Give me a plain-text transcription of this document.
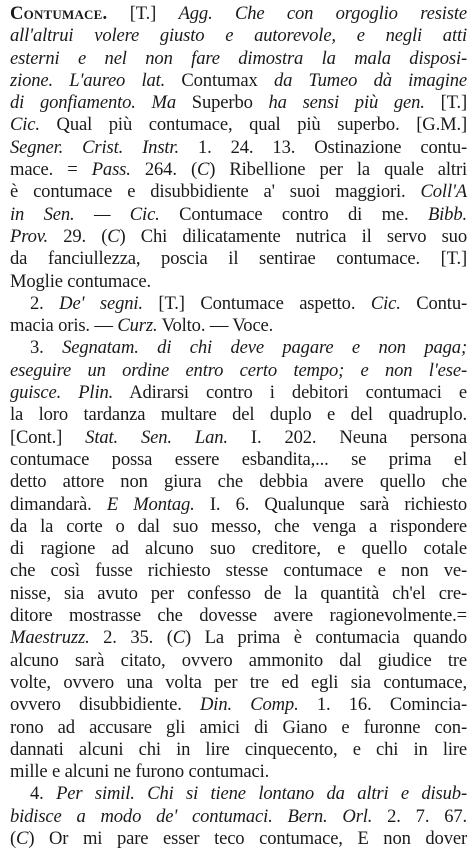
Contumace. [T.] Agg. Che con orgoglio resiste
all'altrui volere giusto e autorevole, e negli atti
esterni e nel non fare dimostra la mala disposi-
zione. L'aureo lat. Contumax da Tumeo dà imagine
di gonfiamento. Ma Superbo ha sensi più gen. [T.]
Cic. Qual più contumace, qual più superbo. [G.M.]
Segner. Crist. Instr. 1. 24. 13. Ostinazione contu-
mace. = Pass. 264. (C) Ribellione per la quale altri
è contumace e disubbidiente a' suoi maggiori. Coll'A
in Sen. — Cic. Contumace contro di me. Bibb.
Prov. 29. (C) Chi dilicatamente nutrica il servo suo
da fanciullezza, poscia il sentirae contumace. [T.]
Moglie contumace.
2. De' segni. [T.] Contumace aspetto. Cic. Contu-
macia oris. — Curz. Volto. — Voce.
3. Segnatam. di chi deve pagare e non paga;
eseguire un ordine entro certo tempo; e non l'ese-
guisce. Plin. Adirarsi contro i debitori contumaci e
la loro tardanza multare del duplo e del quadruplo.
[Cont.] Stat. Sen. Lan. I. 202. Neuna persona
contumace possa essere esbandita,... se prima el
detto attore non giura che debbia avere quello che
dimandarà. E Montag. I. 6. Qualunque sarà richiesto
da la corte o dal suo messo, che venga a rispondere
di ragione ad alcuno suo creditore, e quello cotale
che così fusse richiesto stesse contumace e non ve-
nisse, sia avuto per confesso de la quantità ch'el cre-
ditore mostrasse che dovesse avere ragionevolmente.=
Maestruzz. 2. 35. (C) La prima è contumacia quando
alcuno sarà citato, ovvero ammonito dal giudice tre
volte, ovvero una volta per tre ed egli sia contumace,
ovvero disubbidiente. Din. Comp. 1. 16. Comincia-
rono ad accusare gli amici di Giano e furonne con-
dannati alcuni chi in lire cinquecento, e chi in lire
mille e alcuni ne furono contumaci.
4. Per simil. Chi si tiene lontano da altri e disub-
bidisce a modo de' contumaci. Bern. Orl. 2. 7. 67.
(C) Or mi pare esser teco contumace, E non dover
